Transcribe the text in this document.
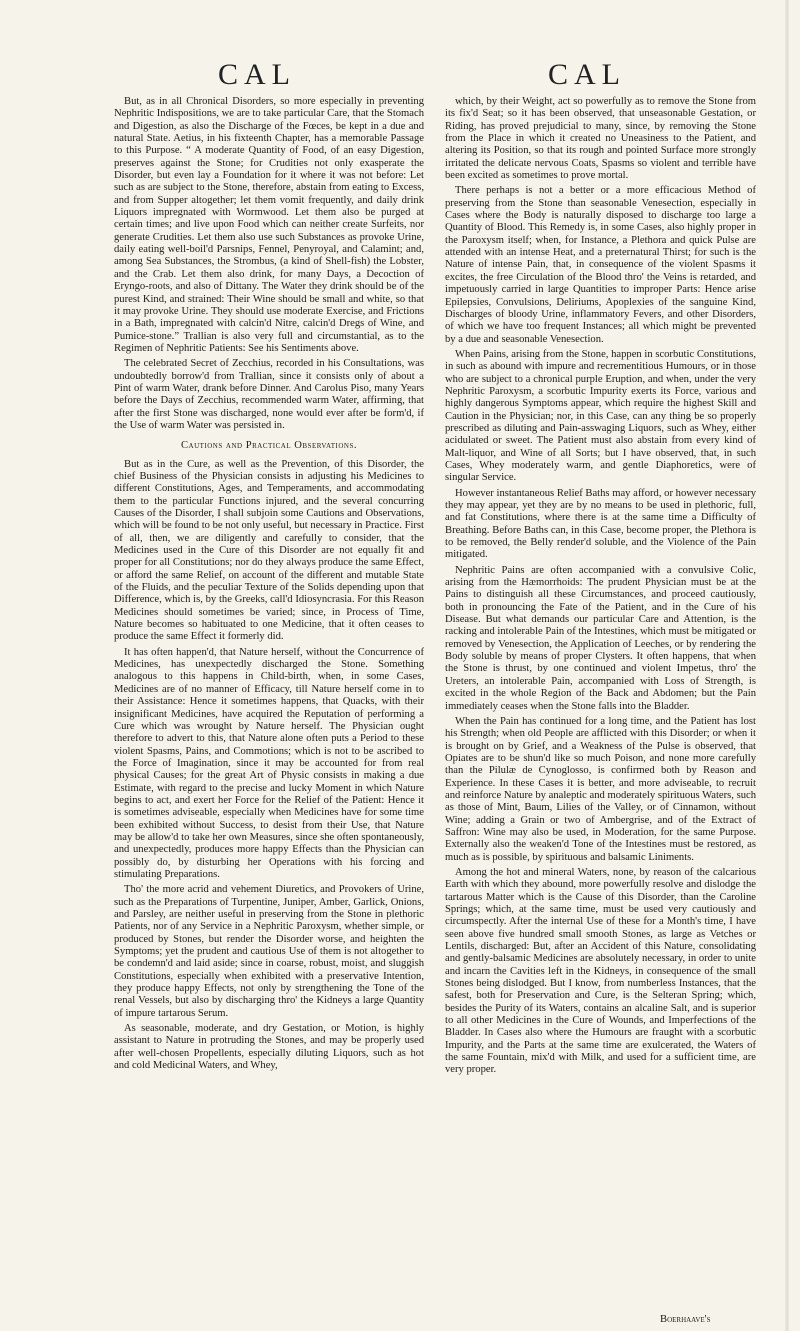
CAL	CAL

But, as in all Chronical Disorders, so more especially in preventing Nephritic Indispositions, we are to take particular Care, that the Stomach and Digestion, as also the Discharge of the Fœces, be kept in a due and natural State. Aetius, in his fixteenth Chapter, has a memorable Passage to this Purpose. “ A moderate Quantity of Food, of an easy Digestion, preserves against the Stone; for Crudities not only exasperate the Disorder, but even lay a Foundation for it where it was not before: Let such as are subject to the Stone, therefore, abstain from eating to Excess, and from Supper altogether; let them vomit frequently, and daily drink Liquors impregnated with Wormwood. Let them also be purged at certain times; and live upon Food which can neither create Surfeits, nor generate Crudities. Let them also use such Substances as provoke Urine, daily eating well-boil'd Parsnips, Fennel, Penyroyal, and Calamint; and, among Sea Substances, the Strombus, (a kind of Shell-fish) the Lobster, and the Crab. Let them also drink, for many Days, a Decoction of Eryngo-roots, and also of Dittany. The Water they drink should be of the purest Kind, and strained: Their Wine should be small and white, so that it may provoke Urine. They should use moderate Exercise, and Frictions in a Bath, impregnated with calcin'd Nitre, calcin'd Dregs of Wine, and Pumice-stone.” Trallian is also very full and circumstantial, as to the Regimen of Nephritic Patients: See his Sentiments above.

The celebrated Secret of Zecchius, recorded in his Consultations, was undoubtedly borrow'd from Trallian, since it consists only of about a Pint of warm Water, drank before Dinner. And Carolus Piso, many Years before the Days of Zecchius, recommended warm Water, affirming, that after the first Stone was discharged, none would ever after be form'd, if the Use of warm Water was persisted in.

Cautions and Practical Observations.

But as in the Cure, as well as the Prevention, of this Disorder, the chief Business of the Physician consists in adjusting his Medicines to different Constitutions, Ages, and Temperaments, and accommodating them to the particular Functions injured, and the several concurring Causes of the Disorder, I shall subjoin some Cautions and Observations, which will be found to be not only useful, but necessary in Practice. First of all, then, we are diligently and carefully to consider, that the Medicines used in the Cure of this Disorder are not equally fit and proper for all Constitutions; nor do they always produce the same Effect, or afford the same Relief, on account of the different and mutable State of the Fluids, and the peculiar Texture of the Solids depending upon that Difference, which is, by the Greeks, call'd Idiosyncrasia. For this Reason Medicines should sometimes be varied; since, in Process of Time, Nature becomes so habituated to one Medicine, that it often ceases to produce the same Effect it formerly did.

It has often happen'd, that Nature herself, without the Concurrence of Medicines, has unexpectedly discharged the Stone. Something analogous to this happens in Child-birth, when, in some Cases, Medicines are of no manner of Efficacy, till Nature herself come in to their Assistance: Hence it sometimes happens, that Quacks, with their insignificant Medicines, have acquired the Reputation of performing a Cure which was wrought by Nature herself. The Physician ought therefore to advert to this, that Nature alone often puts a Period to these violent Spasms, Pains, and Commotions; which is not to be ascribed to the Force of Imagination, since it may be accounted for from real physical Causes; for the great Art of Physic consists in making a due Estimate, with regard to the precise and lucky Moment in which Nature begins to act, and exert her Force for the Relief of the Patient: Hence it is sometimes adviseable, especially when Medicines have for some time been exhibited without Success, to desist from their Use, that Nature may be allow'd to take her own Measures, since she often spontaneously, and unexpectedly, produces more happy Effects than the Physician can possibly do, by disturbing her Operations with his forcing and stimulating Preparations.

Tho' the more acrid and vehement Diuretics, and Provokers of Urine, such as the Preparations of Turpentine, Juniper, Amber, Garlick, Onions, and Parsley, are neither useful in preserving from the Stone in plethoric Patients, nor of any Service in a Nephritic Paroxysm, whether simple, or produced by Stones, but render the Disorder worse, and heighten the Symptoms; yet the prudent and cautious Use of them is not altogether to be condemn'd and laid aside; since in coarse, robust, moist, and sluggish Constitutions, especially when exhibited with a preservative Intention, they produce happy Effects, not only by strengthening the Tone of the renal Vessels, but also by discharging thro' the Kidneys a large Quantity of impure tartarous Serum.

As seasonable, moderate, and dry Gestation, or Motion, is highly assistant to Nature in protruding the Stones, and may be properly used after well-chosen Propellents, especially diluting Liquors, such as hot and cold Medicinal Waters, and Whey,

which, by their Weight, act so powerfully as to remove the Stone from its fix'd Seat; so it has been observed, that unseasonable Gestation, or Riding, has proved prejudicial to many, since, by removing the Stone from the Place in which it created no Uneasiness to the Patient, and altering its Position, so that its rough and pointed Surface more strongly irritated the delicate nervous Coats, Spasms so violent and terrible have been excited as sometimes to prove mortal.

There perhaps is not a better or a more efficacious Method of preserving from the Stone than seasonable Venesection, especially in Cases where the Body is naturally disposed to discharge too large a Quantity of Blood. This Remedy is, in some Cases, also highly proper in the Paroxysm itself; when, for Instance, a Plethora and quick Pulse are attended with an intense Heat, and a preternatural Thirst; for such is the Nature of intense Pain, that, in consequence of the violent Spasms it excites, the free Circulation of the Blood thro' the Veins is retarded, and impetuously carried in large Quantities to improper Parts: Hence arise Epilepsies, Convulsions, Deliriums, Apoplexies of the sanguine Kind, Discharges of bloody Urine, inflammatory Fevers, and other Disorders, of which we have too frequent Instances; all which might be prevented by a due and seasonable Venesection.

When Pains, arising from the Stone, happen in scorbutic Constitutions, in such as abound with impure and recrementitious Humours, or in those who are subject to a chronical purple Eruption, and when, under the very Nephritic Paroxysm, a scorbutic Impurity exerts its Force, various and highly dangerous Symptoms appear, which require the highest Skill and Caution in the Physician; nor, in this Case, can any thing be so properly prescribed as diluting and Pain-asswaging Liquors, such as Whey, either acidulated or sweet. The Patient must also abstain from every kind of Malt-liquor, and Wine of all Sorts; but I have observed, that, in such Cases, Whey moderately warm, and gentle Diaphoretics, were of singular Service.

However instantaneous Relief Baths may afford, or however necessary they may appear, yet they are by no means to be used in plethoric, full, and fat Constitutions, where there is at the same time a Difficulty of Breathing. Before Baths can, in this Case, become proper, the Plethora is to be removed, the Belly render'd soluble, and the Violence of the Pain mitigated.

Nephritic Pains are often accompanied with a convulsive Colic, arising from the Hæmorrhoids: The prudent Physician must be at the Pains to distinguish all these Circumstances, and proceed cautiously, both in pronouncing the Fate of the Patient, and in the Cure of his Disease. But what demands our particular Care and Attention, is the racking and intolerable Pain of the Intestines, which must be mitigated or removed by Venesection, the Application of Leeches, or by rendering the Body soluble by means of proper Clysters. It often happens, that when the Stone is thrust, by one continued and violent Impetus, thro' the Ureters, an intolerable Pain, accompanied with Loss of Strength, is excited in the whole Region of the Back and Abdomen; but the Pain immediately ceases when the Stone falls into the Bladder.

When the Pain has continued for a long time, and the Patient has lost his Strength; when old People are afflicted with this Disorder; or when it is brought on by Grief, and a Weakness of the Pulse is observed, that Opiates are to be shun'd like so much Poison, and none more carefully than the Pilulæ de Cynoglosso, is confirmed both by Reason and Experience. In these Cases it is better, and more adviseable, to recruit and reinforce Nature by analeptic and moderately spirituous Waters, such as those of Mint, Baum, Lilies of the Valley, or of Cinnamon, without Wine; adding a Grain or two of Ambergrise, and of the Extract of Saffron: Wine may also be used, in Moderation, for the same Purpose. Externally also the weaken'd Tone of the Intestines must be restored, as much as is possible, by spirituous and balsamic Liniments.

Among the hot and mineral Waters, none, by reason of the calcarious Earth with which they abound, more powerfully resolve and dislodge the tartarous Matter which is the Cause of this Disorder, than the Caroline Springs; which, at the same time, must be used very cautiously and circumspectly. After the internal Use of these for a Month's time, I have seen above five hundred small smooth Stones, as large as Vetches or Lentils, discharged: But, after an Accident of this Nature, consolidating and gently-balsamic Medicines are absolutely necessary, in order to unite and incarn the Cavities left in the Kidneys, in consequence of the small Stones being dislodged. But I know, from numberless Instances, that the safest, both for Preservation and Cure, is the Selteran Spring; which, besides the Purity of its Waters, contains an alcaline Salt, and is superior to all other Medicines in the Cure of Wounds, and Imperfections of the Bladder. In Cases also where the Humours are fraught with a scorbutic Impurity, and the Parts at the same time are exulcerated, the Waters of the same Fountain, mix'd with Milk, and used for a sufficient time, are very proper.

Boerhaave's
